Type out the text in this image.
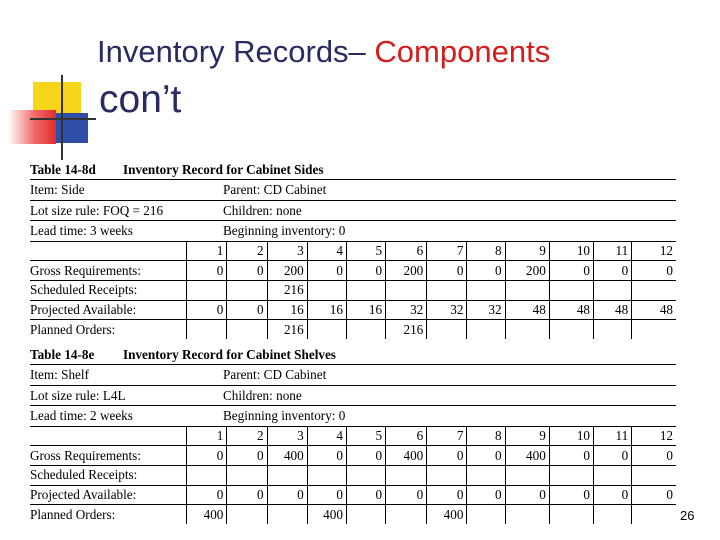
Inventory Records– Components
con’t
Table 14-8d Inventory Record for Cabinet Sides
Item: Side	Parent: CD Cabinet
Lot size rule: FOQ = 216	Children: none
Lead time: 3 weeks	Beginning inventory: 0
	1	2	3	4	5	6	7	8	9	10	11	12
Gross Requirements:	0	0	200	0	0	200	0	0	200	0	0	0
Scheduled Receipts:			216									
Projected Available:	0	0	16	16	16	32	32	32	48	48	48	48
Planned Orders:			216			216						
Table 14-8e Inventory Record for Cabinet Shelves
Item: Shelf	Parent: CD Cabinet
Lot size rule: L4L	Children: none
Lead time: 2 weeks	Beginning inventory: 0
	1	2	3	4	5	6	7	8	9	10	11	12
Gross Requirements:	0	0	400	0	0	400	0	0	400	0	0	0
Scheduled Receipts:												
Projected Available:	0	0	0	0	0	0	0	0	0	0	0	0
Planned Orders:	400			400			400						26
